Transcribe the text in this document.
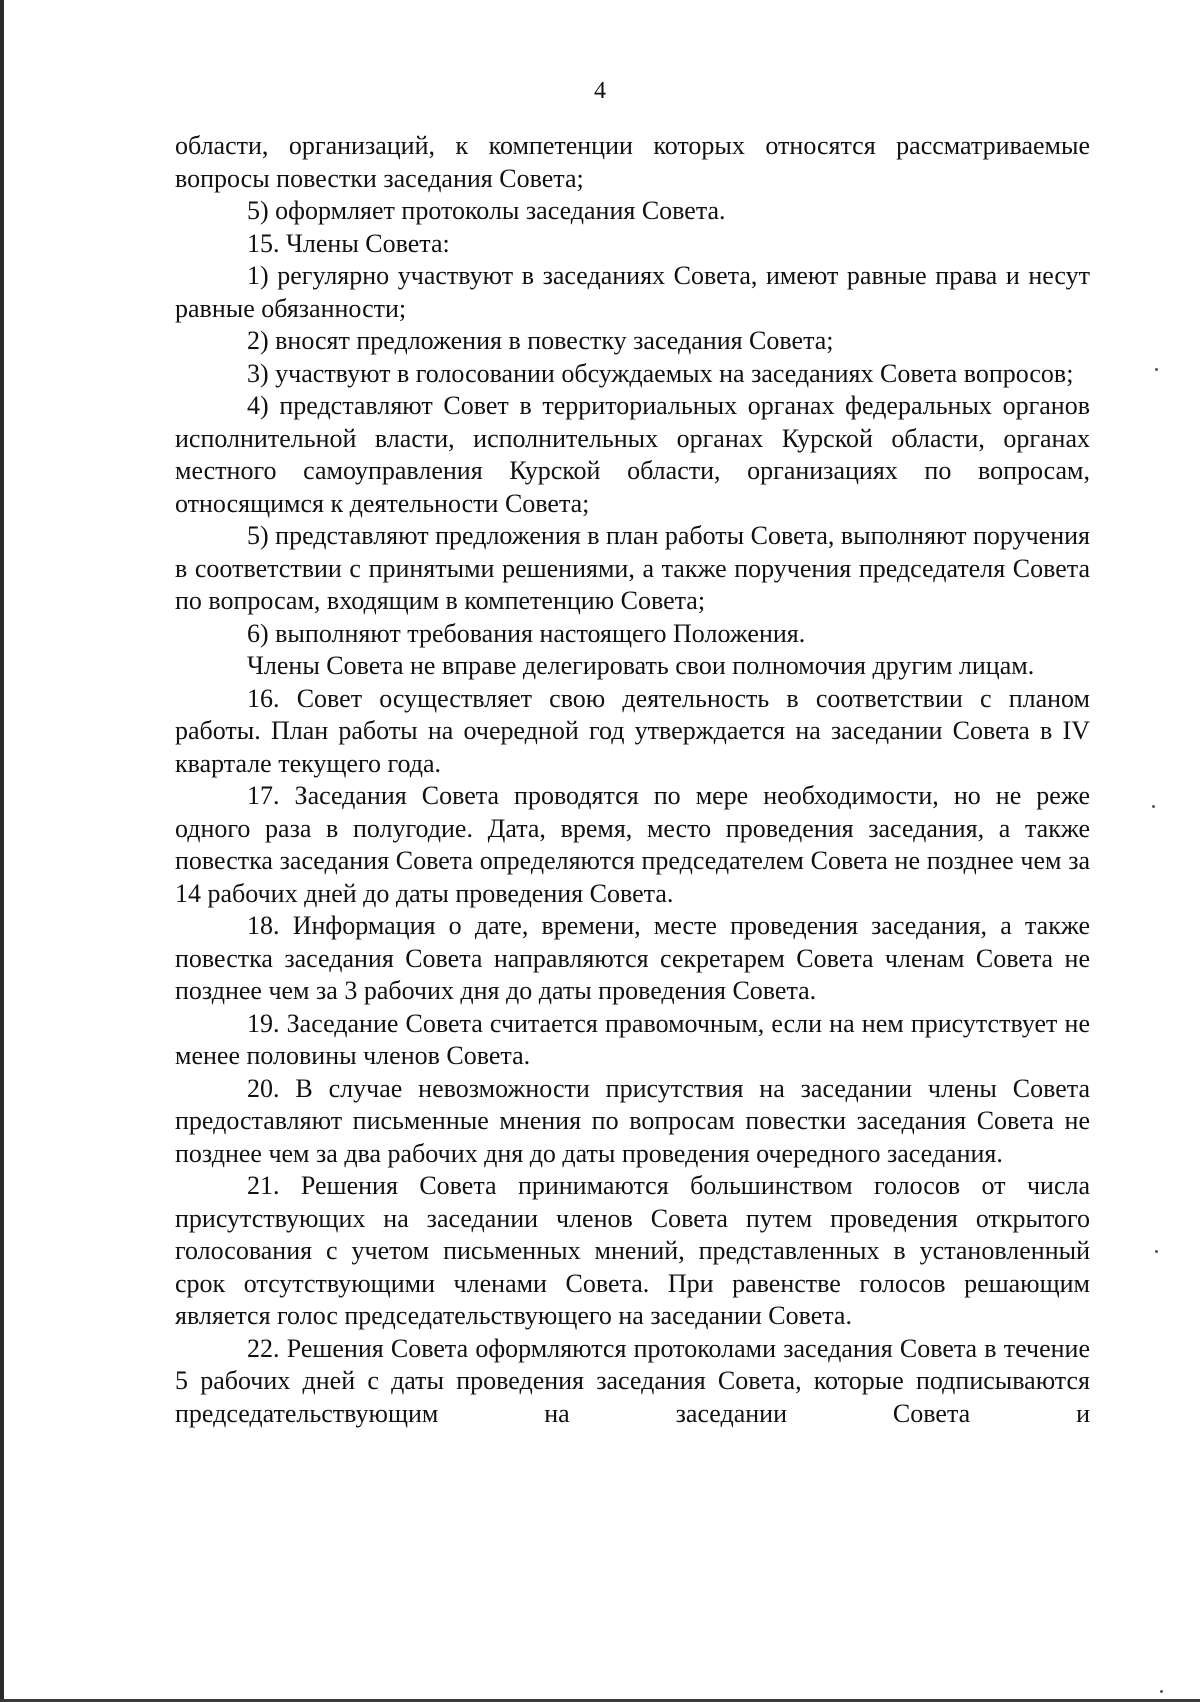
4

области, организаций, к компетенции которых относятся рассматриваемые вопросы повестки заседания Совета;

5) оформляет протоколы заседания Совета.

15. Члены Совета:

1) регулярно участвуют в заседаниях Совета, имеют равные права и несут равные обязанности;

2) вносят предложения в повестку заседания Совета;

3) участвуют в голосовании обсуждаемых на заседаниях Совета вопросов;

4) представляют Совет в территориальных органах федеральных органов исполнительной власти, исполнительных органах Курской области, органах местного самоуправления Курской области, организациях по вопросам, относящимся к деятельности Совета;

5) представляют предложения в план работы Совета, выполняют поручения в соответствии с принятыми решениями, а также поручения председателя Совета по вопросам, входящим в компетенцию Совета;

6) выполняют требования настоящего Положения.

Члены Совета не вправе делегировать свои полномочия другим лицам.

16. Совет осуществляет свою деятельность в соответствии с планом работы. План работы на очередной год утверждается на заседании Совета в IV квартале текущего года.

17. Заседания Совета проводятся по мере необходимости, но не реже одного раза в полугодие. Дата, время, место проведения заседания, а также повестка заседания Совета определяются председателем Совета не позднее чем за 14 рабочих дней до даты проведения Совета.

18. Информация о дате, времени, месте проведения заседания, а также повестка заседания Совета направляются секретарем Совета членам Совета не позднее чем за 3 рабочих дня до даты проведения Совета.

19. Заседание Совета считается правомочным, если на нем присутствует не менее половины членов Совета.

20. В случае невозможности присутствия на заседании члены Совета предоставляют письменные мнения по вопросам повестки заседания Совета не позднее чем за два рабочих дня до даты проведения очередного заседания.

21. Решения Совета принимаются большинством голосов от числа присутствующих на заседании членов Совета путем проведения открытого голосования с учетом письменных мнений, представленных в установленный срок отсутствующими членами Совета. При равенстве голосов решающим является голос председательствующего на заседании Совета.

22. Решения Совета оформляются протоколами заседания Совета в течение 5 рабочих дней с даты проведения заседания Совета, которые подписываются председательствующим на заседании Совета и
